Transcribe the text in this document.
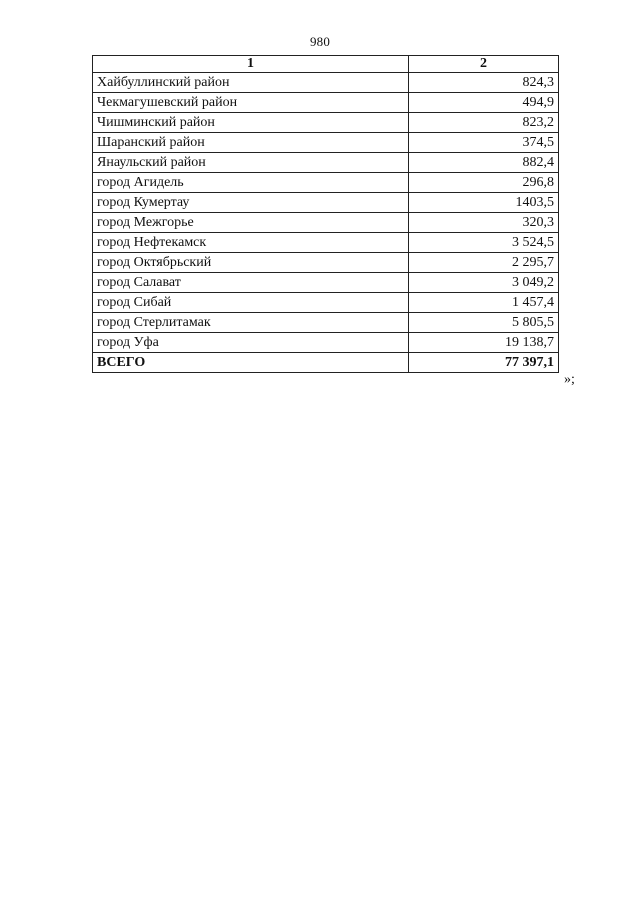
980
1	2
Хайбуллинский район	824,3
Чекмагушевский район	494,9
Чишминский район	823,2
Шаранский район	374,5
Янаульский район	882,4
город Агидель	296,8
город Кумертау	1403,5
город Межгорье	320,3
город Нефтекамск	3 524,5
город Октябрьский	2 295,7
город Салават	3 049,2
город Сибай	1 457,4
город Стерлитамак	5 805,5
город Уфа	19 138,7
ВСЕГО	77 397,1
»;
